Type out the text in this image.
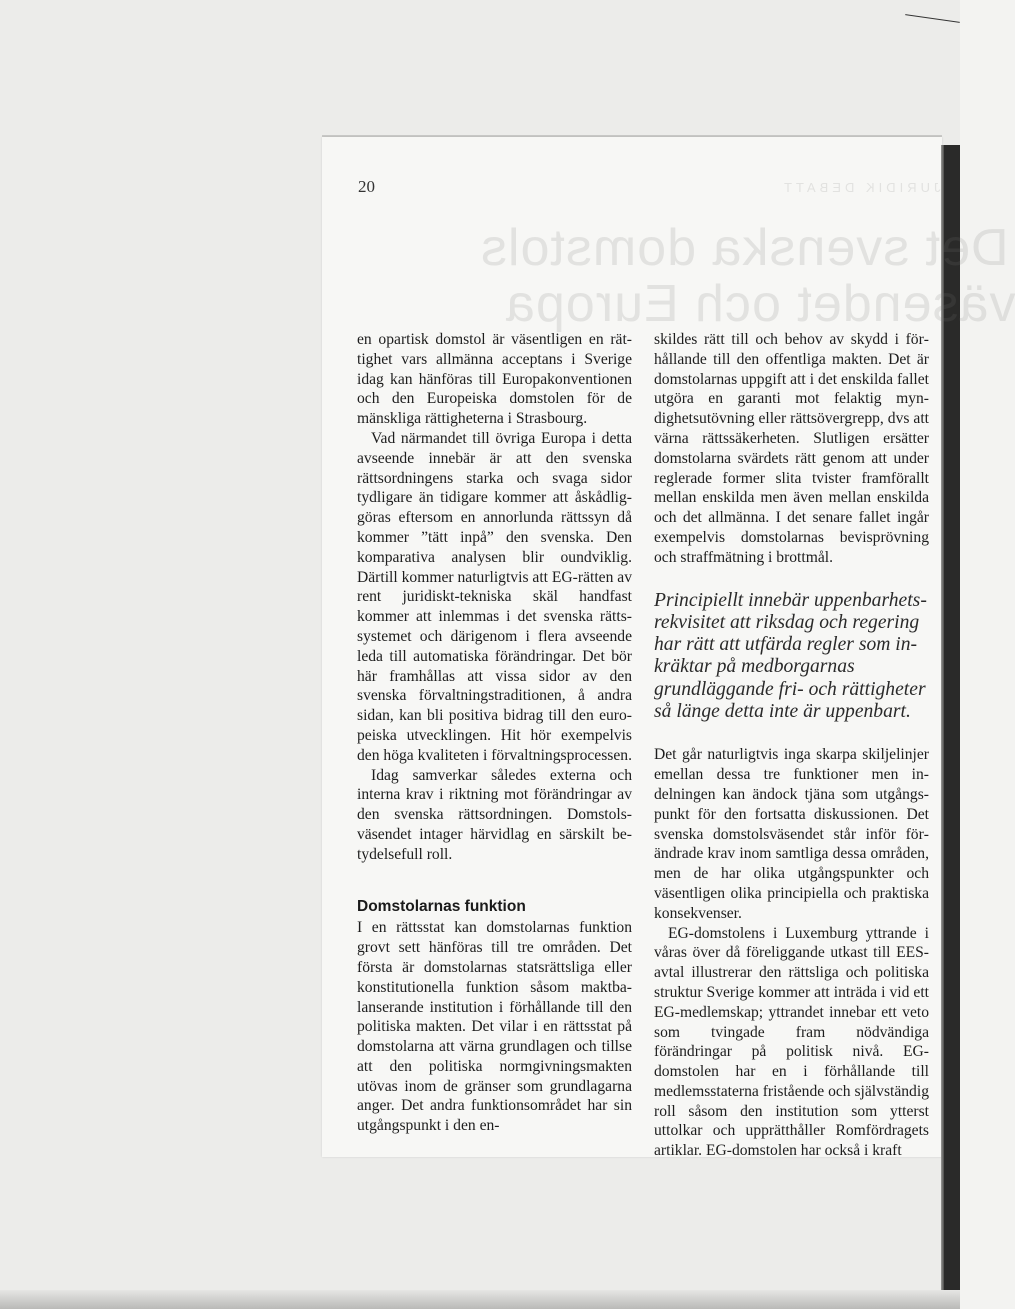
JURIDIK DEBATT
Det svenska domstols
väsendet och Europa
20

en opartisk domstol är väsentligen en rättighet vars allmänna acceptans i Sverige idag kan hänföras till Europakonventionen och den Europeiska domstolen för de mänskliga rättigheterna i Strasbourg.

Vad närmandet till övriga Europa i detta avseende innebär är att den svenska rättsordningens starka och svaga sidor tydligare än tidigare kommer att åskådliggöras eftersom en annorlunda rättssyn då kommer ”tätt inpå” den svenska. Den komparativa analysen blir oundviklig. Därtill kommer naturligtvis att EG-rätten av rent juridiskt-tekniska skäl handfast kommer att inlemmas i det svenska rättssystemet och därigenom i flera avseende leda till automatiska förändringar. Det bör här framhållas att vissa sidor av den svenska förvaltningstraditionen, å andra sidan, kan bli positiva bidrag till den europeiska utvecklingen. Hit hör exempelvis den höga kvaliteten i förvaltningsprocessen.

Idag samverkar således externa och interna krav i riktning mot förändringar av den svenska rättsordningen. Domstolsväsendet intager härvidlag en särskilt betydelsefull roll.

Domstolarnas funktion

I en rättsstat kan domstolarnas funktion grovt sett hänföras till tre områden. Det första är domstolarnas statsrättsliga eller konstitutionella funktion såsom maktbalanserande institution i förhållande till den politiska makten. Det vilar i en rättsstat på domstolarna att värna grundlagen och tillse att den politiska normgivningsmakten utövas inom de gränser som grundlagarna anger. Det andra funktionsområdet har sin utgångspunkt i den en-

skildes rätt till och behov av skydd i förhållande till den offentliga makten. Det är domstolarnas uppgift att i det enskilda fallet utgöra en garanti mot felaktig myndighetsutövning eller rättsövergrepp, dvs att värna rättssäkerheten. Slutligen ersätter domstolarna svärdets rätt genom att under reglerade former slita tvister framförallt mellan enskilda men även mellan enskilda och det allmänna. I det senare fallet ingår exempelvis domstolarnas bevisprövning och straffmätning i brottmål.

Principiellt innebär uppenbarhetsrekvisitet att riksdag och regering har rätt att utfärda regler som inkräktar på medborgarnas grundläggande fri- och rättigheter så länge detta inte är uppenbart.

Det går naturligtvis inga skarpa skiljelinjer emellan dessa tre funktioner men indelningen kan ändock tjäna som utgångspunkt för den fortsatta diskussionen. Det svenska domstolsväsendet står inför förändrade krav inom samtliga dessa områden, men de har olika utgångspunkter och väsentligen olika principiella och praktiska konsekvenser.

EG-domstolens i Luxemburg yttrande i våras över då föreliggande utkast till EES-avtal illustrerar den rättsliga och politiska struktur Sverige kommer att inträda i vid ett EG-medlemskap; yttrandet innebar ett veto som tvingade fram nödvändiga förändringar på politisk nivå. EG-domstolen har en i förhållande till medlemsstaterna fristående och självständig roll såsom den institution som ytterst uttolkar och upprätthåller Romfördragets artiklar. EG-domstolen har också i kraft
